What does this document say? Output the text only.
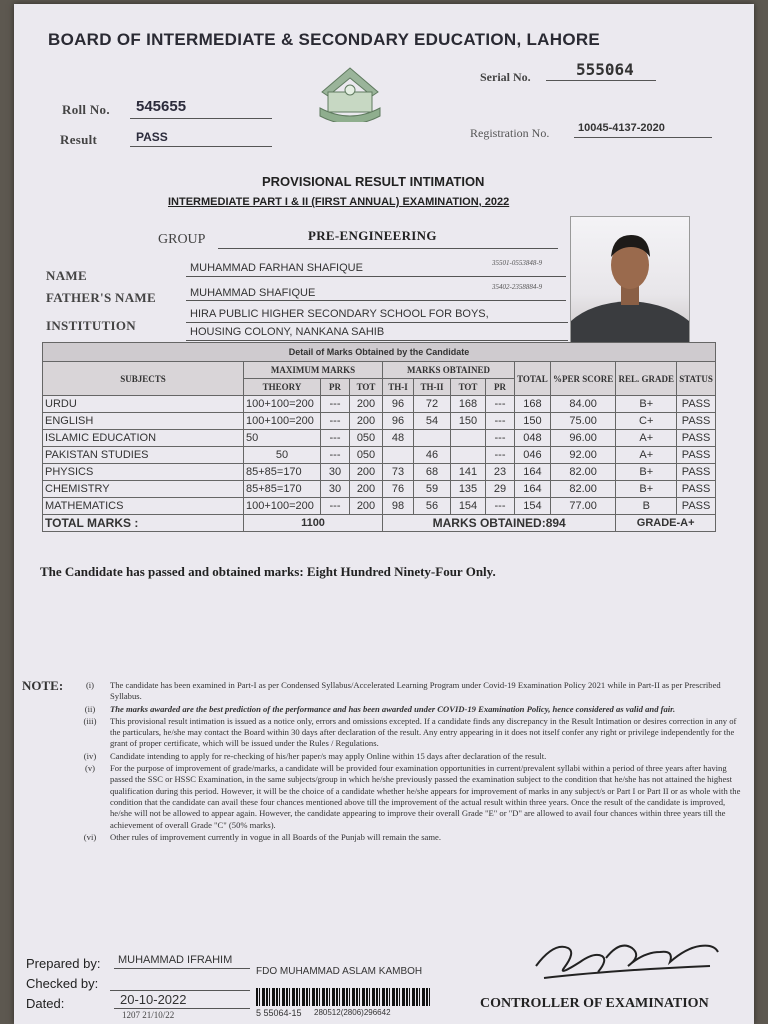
BOARD OF INTERMEDIATE & SECONDARY EDUCATION, LAHORE
Serial No.	555064
Roll No. 545655
Result	PASS	Registration No.	10045-4137-2020
PROVISIONAL RESULT INTIMATION
INTERMEDIATE PART I & II (FIRST ANNUAL) EXAMINATION, 2022
GROUP	PRE-ENGINEERING
NAME	MUHAMMAD FARHAN SHAFIQUE	35501-0553848-9
FATHER'S NAME	MUHAMMAD SHAFIQUE	35402-2358884-9
INSTITUTION
HIRA PUBLIC HIGHER SECONDARY SCHOOL FOR BOYS,
HOUSING COLONY, NANKANA SAHIB
Detail of Marks Obtained by the Candidate											
SUBJECTS	MAXIMUM MARKS			MARKS OBTAINED				TOTAL	%PER SCORE	REL. GRADE	STATUS
	THEORY	PR	TOT	TH-I	TH-II	TOT	PR				
URDU	100+100=200	---	200	96	72	168	---	168	84.00	B+	PASS
ENGLISH	100+100=200	---	200	96	54	150	---	150	75.00	C+	PASS
ISLAMIC EDUCATION	50	---	050	48			---	048	96.00	A+	PASS
PAKISTAN STUDIES	50	---	050		46		---	046	92.00	A+	PASS
PHYSICS	85+85=170	30	200	73	68	141	23	164	82.00	B+	PASS
CHEMISTRY	85+85=170	30	200	76	59	135	29	164	82.00	B+	PASS
MATHEMATICS	100+100=200	---	200	98	56	154	---	154	77.00	B	PASS
TOTAL MARKS :	1100			MARKS OBTAINED:894						GRADE-A+	
The Candidate has passed and obtained marks: Eight Hundred Ninety-Four Only.
NOTE:	(i)	The candidate has been examined in Part-I as per Condensed Syllabus/Accelerated Learning Program under Covid-19 Examination Policy 2021 while in Part-II as per Prescribed Syllabus.
(ii)	The marks awarded are the best prediction of the performance and has been awarded under COVID-19 Examination Policy, hence considered as valid and fair.
(iii)	This provisional result intimation is issued as a notice only, errors and omissions excepted. If a candidate finds any discrepancy in the Result Intimation or desires correction in any of the particulars, he/she may contact the Board within 30 days after declaration of the result. Any entry appearing in it does not itself confer any right or privilege independently for the grant of proper certificate, which will be issued under the Rules / Regulations.
(iv)	Candidate intending to apply for re-checking of his/her paper/s may apply Online within 15 days after declaration of the result.
(v)	For the purpose of improvement of grade/marks, a candidate will be provided four examination opportunities in current/prevalent syllabi within a period of three years after having passed the SSC or HSSC Examination, in the same subjects/group in which he/she previously passed the examination subject to the condition that he/she has not attained the highest qualification during this period. However, it will be the choice of a candidate whether he/she appears for improvement of marks in any subject/s or Part I or Part II or as whole with the condition that the candidate can avail these four chances mentioned above till the improvement of the actual result within three years. Once the result of the candidate is improved, he/she will not be allowed to appear again. However, the candidate appearing to improve their overall Grade "E" or "D" are allowed to avail four chances within three years till the achievement of overall Grade "C" (50% marks).
(vi)	Other rules of improvement currently in vogue in all Boards of the Punjab will remain the same.
Prepared by: MUHAMMAD IFRAHIM
Checked by:
FDO MUHAMMAD ASLAM KAMBOH
Dated:	20-10-2022
1207 21/10/22	5 55064-15 280512(2806)296642
CONTROLLER OF EXAMINATION
